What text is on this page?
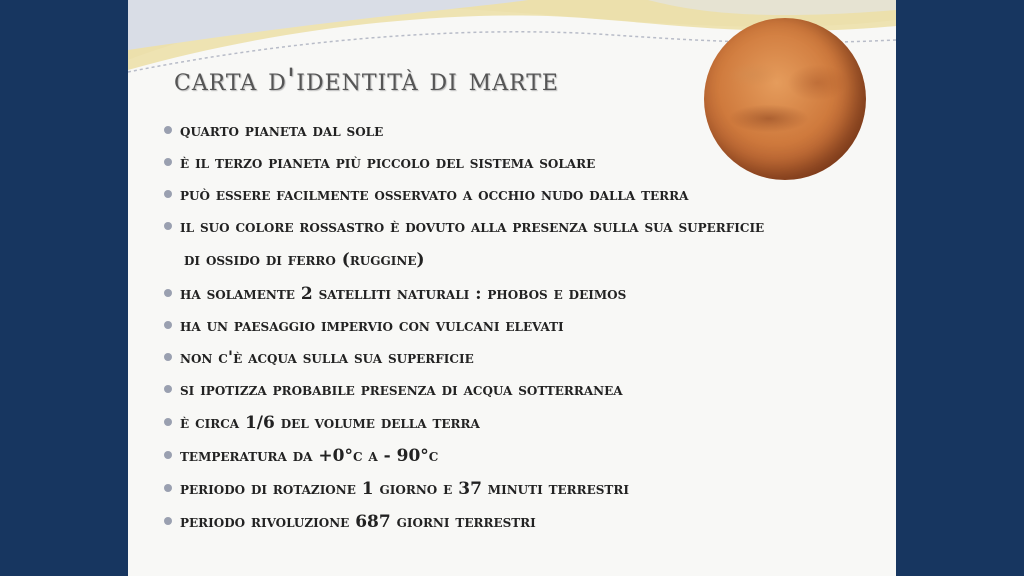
carta d'identità di marte
quarto pianeta dal sole
è il terzo pianeta più piccolo del sistema solare
può essere facilmente osservato a occhio nudo dalla terra
il suo colore rossastro è dovuto alla presenza sulla sua superficie
di ossido di ferro (ruggine)
ha solamente 2 satelliti naturali : phobos e deimos
ha un paesaggio impervio con vulcani elevati
non c'è acqua sulla sua superficie
si ipotizza probabile presenza di acqua sotterranea
è circa 1/6 del volume della terra
temperatura da +0°c a - 90°c
periodo di rotazione 1 giorno e 37 minuti terrestri
periodo rivoluzione 687 giorni terrestri
